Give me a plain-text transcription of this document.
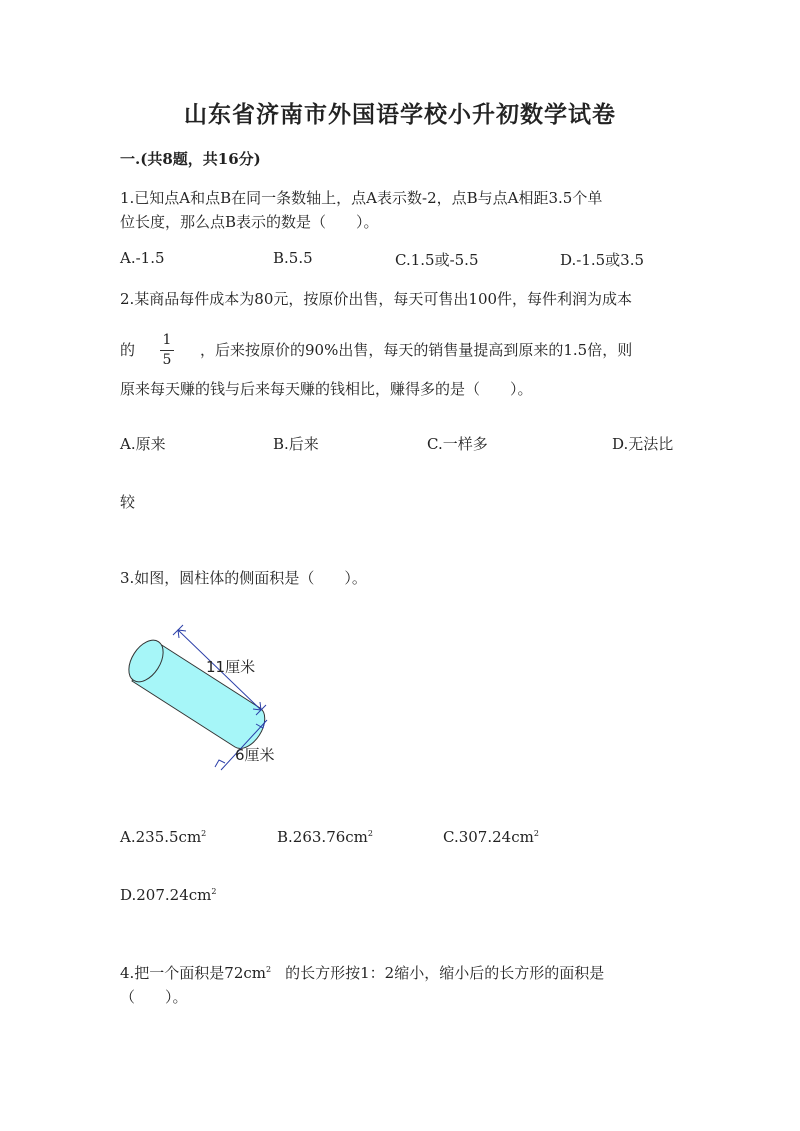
山东省济南市外国语学校小升初数学试卷
一.(共8题，共16分)
1.已知点A和点B在同一条数轴上，点A表示数-2，点B与点A相距3.5个单
位长度，那么点B表示的数是（　　）。
A.-1.5	B.5.5	C.1.5或-5.5	D.-1.5或3.5
2.某商品每件成本为80元，按原价出售，每天可售出100件，每件利润为成本
的
1
5
，后来按原价的90%出售，每天的销售量提高到原来的1.5倍，则
原来每天赚的钱与后来每天赚的钱相比，赚得多的是（　　）。
A.原来	B.后来	C.一样多	D.无法比
较
3.如图，圆柱体的侧面积是（　　）。
11厘米
6厘米
$A.235.5cm^2$	$B.263.76cm^2$	$C.307.24cm^2$
$D.207.24cm^2$
4.把一个面积是$72cm^2$ 的长方形按1：2缩小，缩小后的长方形的面积是
（　　）。
